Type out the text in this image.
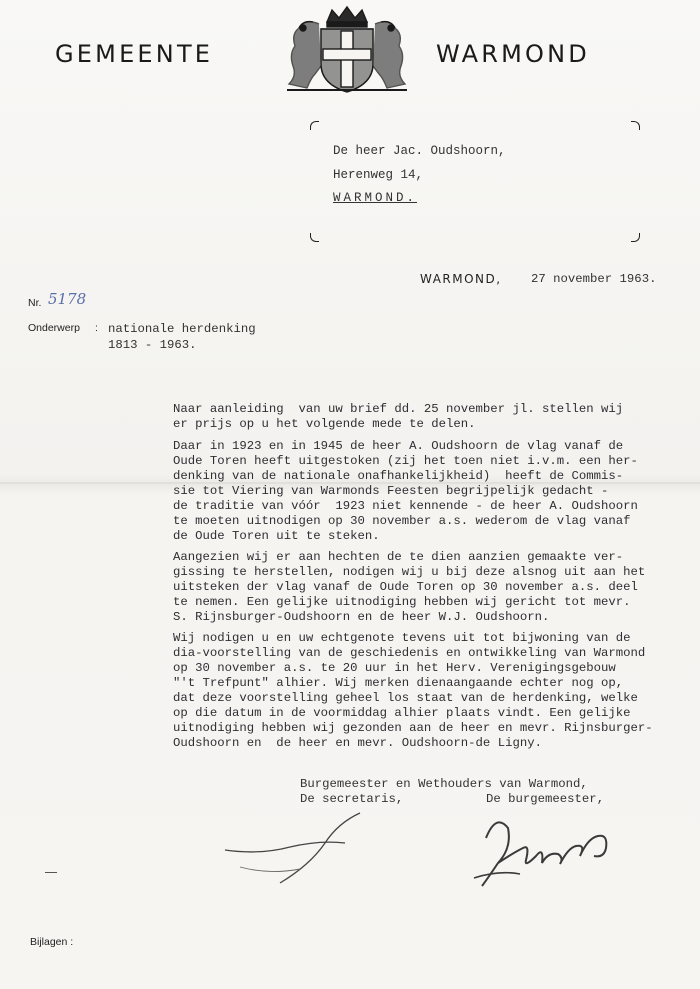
GEMEENTE	WARMOND
De heer Jac. Oudshoorn,
Herenweg 14,
WARMOND.
WARMOND, 27 november 1963.
Nr. 5178
Onderwerp : nationale herdenking
1813 - 1963.
Naar aanleiding  van uw brief dd. 25 november jl. stellen wij
er prijs op u het volgende mede te delen.
Daar in 1923 en in 1945 de heer A. Oudshoorn de vlag vanaf de
Oude Toren heeft uitgestoken (zij het toen niet i.v.m. een her-
denking van de nationale onafhankelijkheid)  heeft de Commis-
sie tot Viering van Warmonds Feesten begrijpelijk gedacht -
de traditie van vóór  1923 niet kennende - de heer A. Oudshoorn
te moeten uitnodigen op 30 november a.s. wederom de vlag vanaf
de Oude Toren uit te steken.
Aangezien wij er aan hechten de te dien aanzien gemaakte ver-
gissing te herstellen, nodigen wij u bij deze alsnog uit aan het
uitsteken der vlag vanaf de Oude Toren op 30 november a.s. deel
te nemen. Een gelijke uitnodiging hebben wij gericht tot mevr.
S. Rijnsburger-Oudshoorn en de heer W.J. Oudshoorn.
Wij nodigen u en uw echtgenote tevens uit tot bijwoning van de
dia-voorstelling van de geschiedenis en ontwikkeling van Warmond
op 30 november a.s. te 20 uur in het Herv. Verenigingsgebouw
"'t Trefpunt" alhier. Wij merken dienaangaande echter nog op,
dat deze voorstelling geheel los staat van de herdenking, welke
op die datum in de voormiddag alhier plaats vindt. Een gelijke
uitnodiging hebben wij gezonden aan de heer en mevr. Rijnsburger-
Oudshoorn en  de heer en mevr. Oudshoorn-de Ligny.
Burgemeester en Wethouders van Warmond,
De secretaris,	De burgemeester,
Bijlagen :
